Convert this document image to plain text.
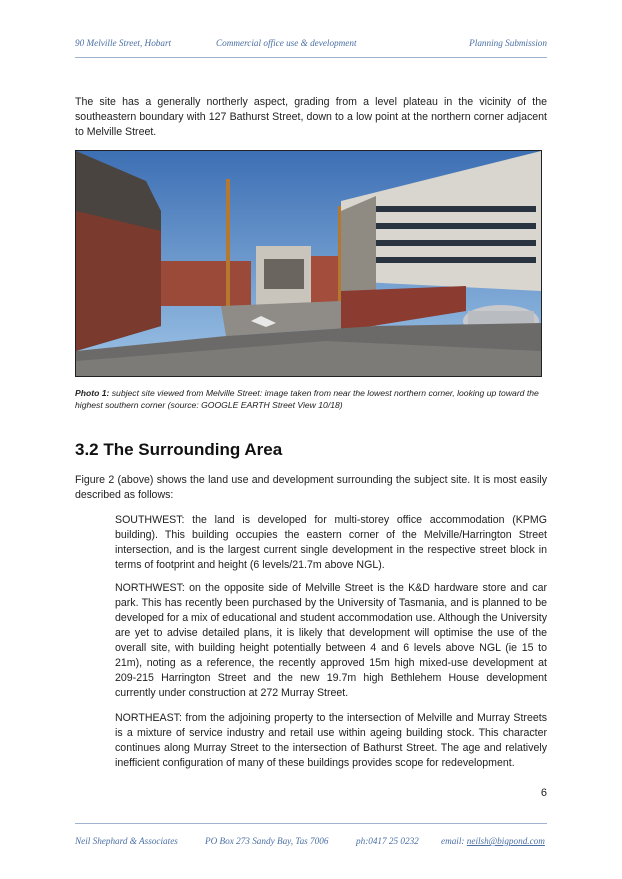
90 Melville Street, Hobart	Commercial office use & development	Planning Submission

The site has a generally northerly aspect, grading from a level plateau in the vicinity of the southeastern boundary with 127 Bathurst Street, down to a low point at the northern corner adjacent to Melville Street.

Photo 1: subject site viewed from Melville Street: image taken from near the lowest northern corner, looking up toward the highest southern corner (source: GOOGLE EARTH Street View 10/18)
3.2 The Surrounding Area

Figure 2 (above) shows the land use and development surrounding the subject site. It is most easily described as follows:

SOUTHWEST: the land is developed for multi-storey office accommodation (KPMG building). This building occupies the eastern corner of the Melville/Harrington Street intersection, and is the largest current single development in the respective street block in terms of footprint and height (6 levels/21.7m above NGL).

NORTHWEST: on the opposite side of Melville Street is the K&D hardware store and car park. This has recently been purchased by the University of Tasmania, and is planned to be developed for a mix of educational and student accommodation use. Although the University are yet to advise detailed plans, it is likely that development will optimise the use of the overall site, with building height potentially between 4 and 6 levels above NGL (ie 15 to 21m), noting as a reference, the recently approved 15m high mixed-use development at 209-215 Harrington Street and the new 19.7m high Bethlehem House development currently under construction at 272 Murray Street.

NORTHEAST: from the adjoining property to the intersection of Melville and Murray Streets is a mixture of service industry and retail use within ageing building stock. This character continues along Murray Street to the intersection of Bathurst Street. The age and relatively inefficient configuration of many of these buildings provides scope for redevelopment.

6
Neil Shephard & Associates	PO Box 273 Sandy Bay, Tas 7006	ph:0417 25 0232 email: neilsh@bigpond.com
